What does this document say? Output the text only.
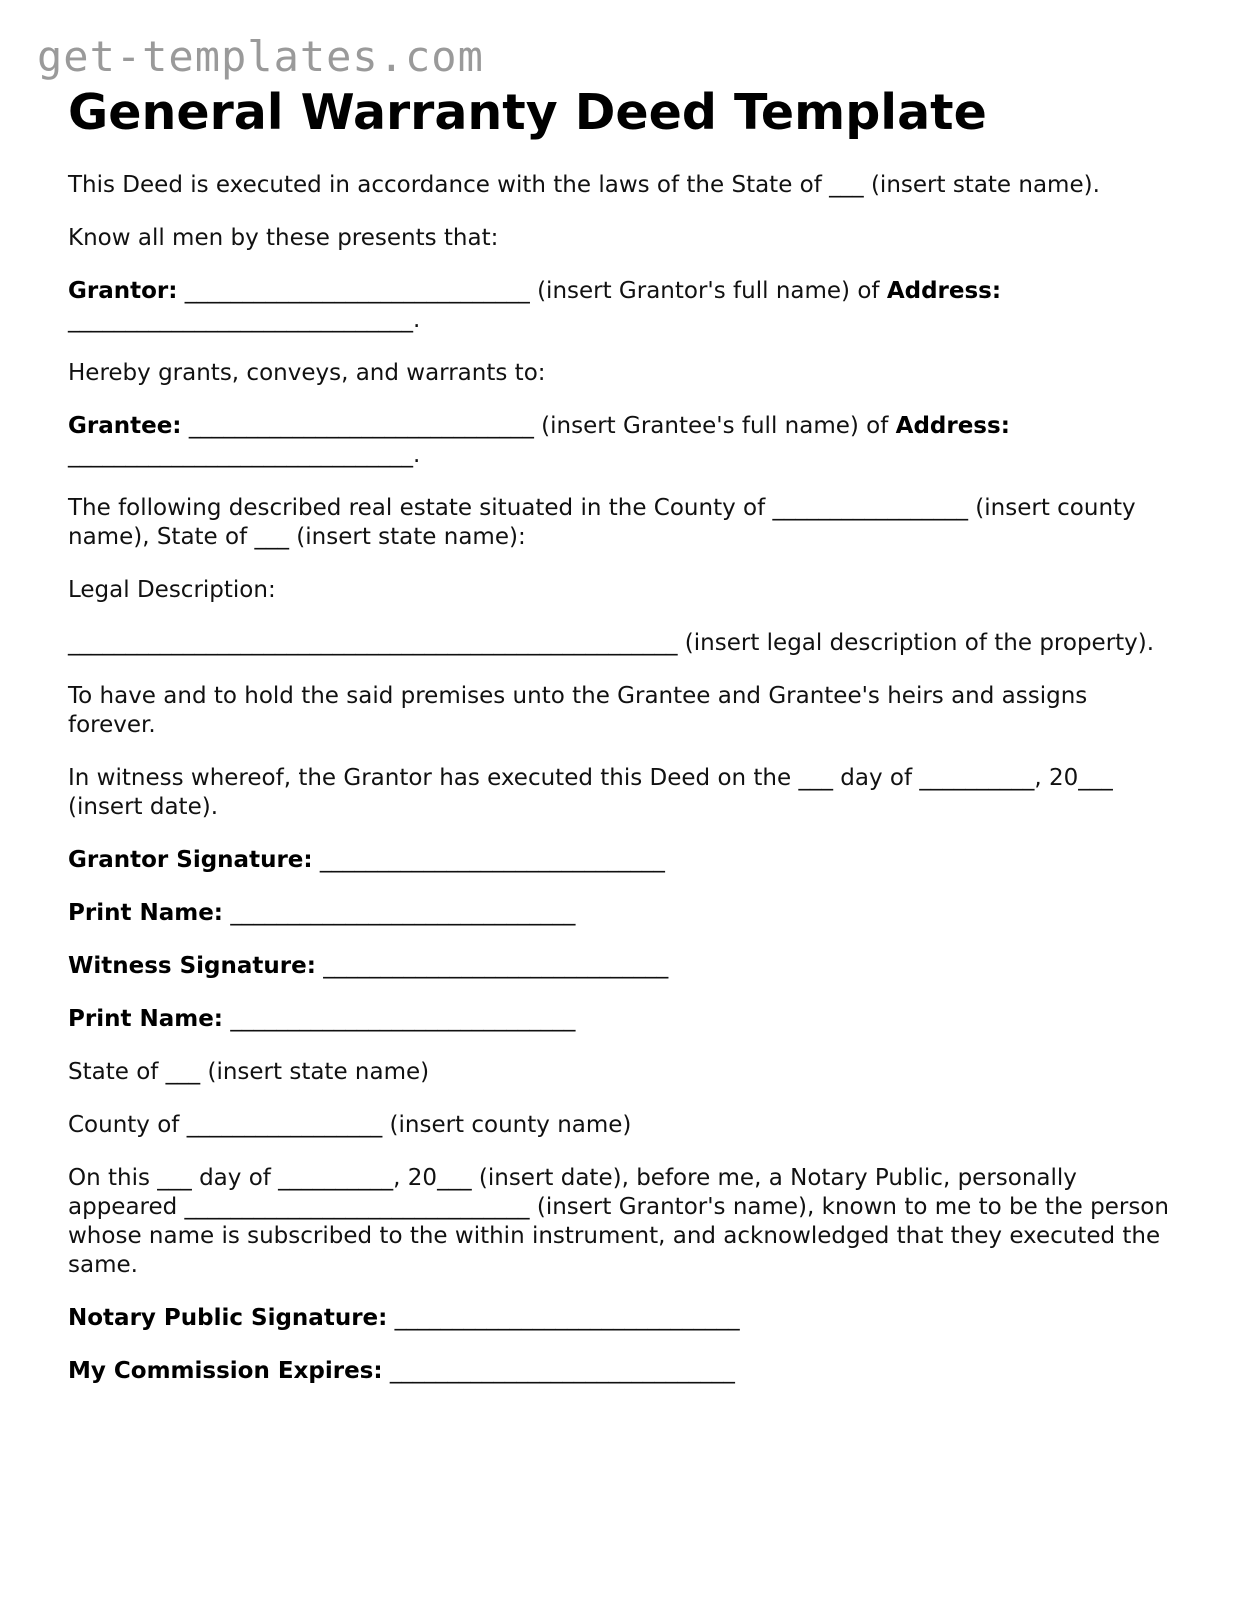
get-templates.com
General Warranty Deed Template

This Deed is executed in accordance with the laws of the State of ___ (insert state name).

Know all men by these presents that:

Grantor: ______________________________ (insert Grantor's full name) of Address: ______________________________.

Hereby grants, conveys, and warrants to:

Grantee: ______________________________ (insert Grantee's full name) of Address: ______________________________.

The following described real estate situated in the County of _________________ (insert county name), State of ___ (insert state name):

Legal Description:

_____________________________________________________ (insert legal description of the property).

To have and to hold the said premises unto the Grantee and Grantee's heirs and assigns forever.

In witness whereof, the Grantor has executed this Deed on the ___ day of __________, 20___ (insert date).

Grantor Signature: ______________________________

Print Name: ______________________________

Witness Signature: ______________________________

Print Name: ______________________________

State of ___ (insert state name)

County of _________________ (insert county name)

On this ___ day of __________, 20___ (insert date), before me, a Notary Public, personally appeared ______________________________ (insert Grantor's name), known to me to be the person whose name is subscribed to the within instrument, and acknowledged that they executed the same.

Notary Public Signature: ______________________________

My Commission Expires: ______________________________
